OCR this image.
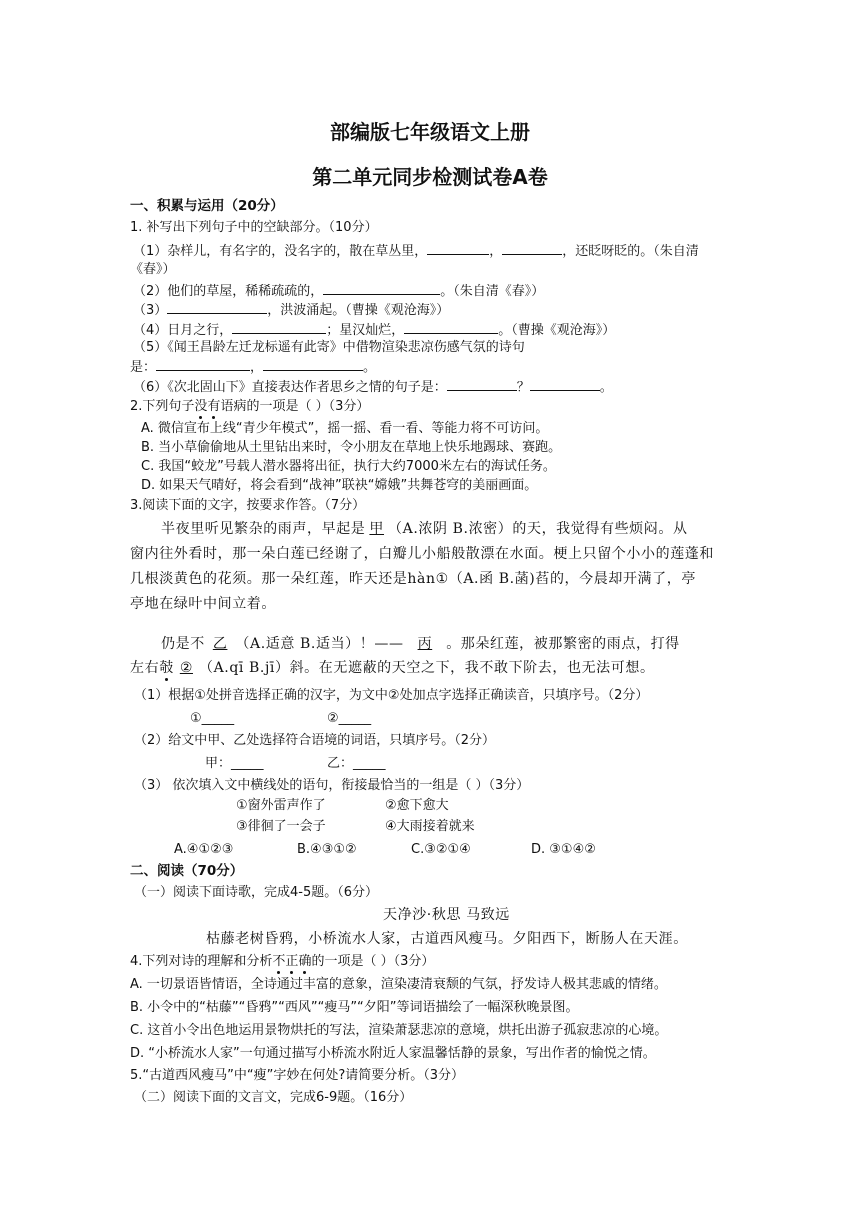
部编版七年级语文上册
第二单元同步检测试卷A卷
一、积累与运用（20分）
1. 补写出下列句子中的空缺部分。（10分）
（1）杂样儿，有名字的，没名字的，散在草丛里，	，	，还眨呀眨的。（朱自清
《春》）
（2）他们的草屋，稀稀疏疏的，	。（朱自清《春》）
（3）	，洪波涌起。（曹操《观沧海》）
（4）日月之行，	；星汉灿烂，	。（曹操《观沧海》）
（5）《闻王昌龄左迁龙标遥有此寄》中借物渲染悲凉伤感气氛的诗句
是：	，	。
（6）《次北固山下》直接表达作者思乡之情的句子是：	？	。
2.下列句子没有语病的一项是（ ）（3分）
A. 微信宣布上线“青少年模式”，摇一摇、看一看、等能力将不可访问。
B. 当小草偷偷地从土里钻出来时，令小朋友在草地上快乐地踢球、赛跑。
C. 我国“蛟龙”号载人潜水器将出征，执行大约7000米左右的海试任务。
D. 如果天气晴好，将会看到“战神”联袂“嫦娥”共舞苍穹的美丽画面。
3.阅读下面的文字，按要求作答。（7分）
半夜里听见繁杂的雨声，早起是 甲 （A.浓阴 B.浓密）的天，我觉得有些烦闷。从
窗内往外看时，那一朵白莲已经谢了，白瓣儿小船般散漂在水面。梗上只留个小小的莲蓬和
几根淡黄色的花须。那一朵红莲，昨天还是hàn①（A.函 B.菡)萏的，今晨却开满了，亭
亭地在绿叶中间立着。
仍是不 乙 （A.适意 B.适当）！—— 丙 。那朵红莲，被那繁密的雨点，打得
左右攲 ② （A.qī B.jī）斜。在无遮蔽的天空之下，我不敢下阶去，也无法可想。
（1）根据①处拼音选择正确的汉字，为文中②处加点字选择正确读音，只填序号。（2分）
①_____	②_____
（2）给文中甲、乙处选择符合语境的词语，只填序号。（2分）
甲：_____	乙：_____
（3） 依次填入文中横线处的语句，衔接最恰当的一组是（ ）（3分）
①窗外雷声作了	②愈下愈大
③徘徊了一会子	④大雨接着就来
A.④①②③	B.④③①②	C.③②①④	D. ③①④②
二、阅读（70分）
（一）阅读下面诗歌，完成4-5题。（6分）
天净沙·秋思 马致远
枯藤老树昏鸦，小桥流水人家，古道西风瘦马。夕阳西下，断肠人在天涯。
4.下列对诗的理解和分析不正确的一项是（ ）（3分）
A. 一切景语皆情语，全诗通过丰富的意象，渲染凄清衰颓的气氛，抒发诗人极其悲戚的情绪。
B. 小令中的“枯藤”“昏鸦”“西风”“瘦马”“夕阳”等词语描绘了一幅深秋晚景图。
C. 这首小令出色地运用景物烘托的写法，渲染萧瑟悲凉的意境，烘托出游子孤寂悲凉的心境。
D. “小桥流水人家”一句通过描写小桥流水附近人家温馨恬静的景象，写出作者的愉悦之情。
5.“古道西风瘦马”中“瘦”字妙在何处?请简要分析。（3分）
（二）阅读下面的文言文，完成6-9题。（16分）
